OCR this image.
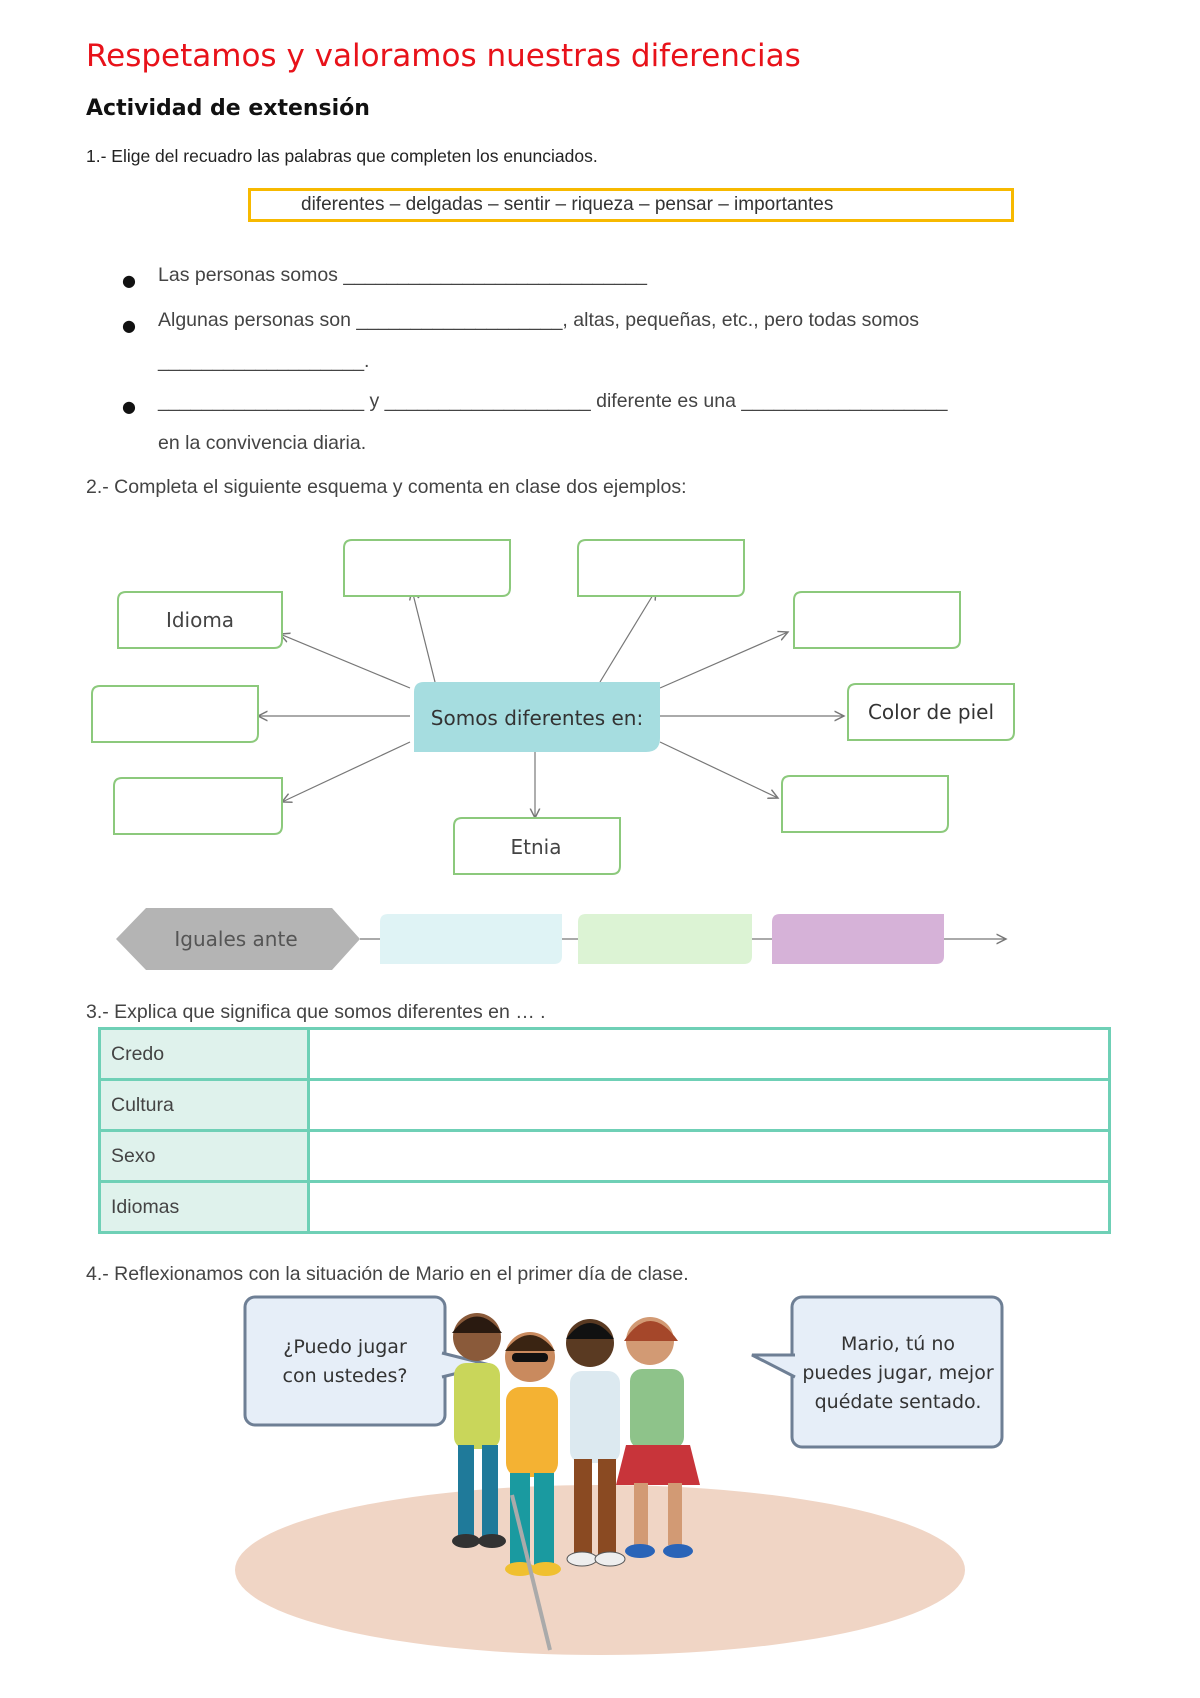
Respetamos y valoramos nuestras diferencias
Actividad de extensión
1.- Elige del recuadro las palabras que completen los enunciados.
diferentes – delgadas – sentir – riqueza – pensar – importantes
● Las personas somos ____________________________
● Algunas personas son ___________________, altas, pequeñas, etc., pero todas somos
___________________.
● ___________________ y ___________________ diferente es una ___________________
en la convivencia diaria.
2.- Completa el siguiente esquema y comenta en clase dos ejemplos:
Somos diferentes en:
Idioma
Color de piel
Etnia
Iguales ante
3.- Explica que significa que somos diferentes en … .
Credo	
Cultura	
Sexo	
Idiomas	
4.- Reflexionamos con la situación de Mario en el primer día de clase.
¿Puedo jugar
con ustedes?
Mario, tú no
puedes jugar, mejor
quédate sentado.
